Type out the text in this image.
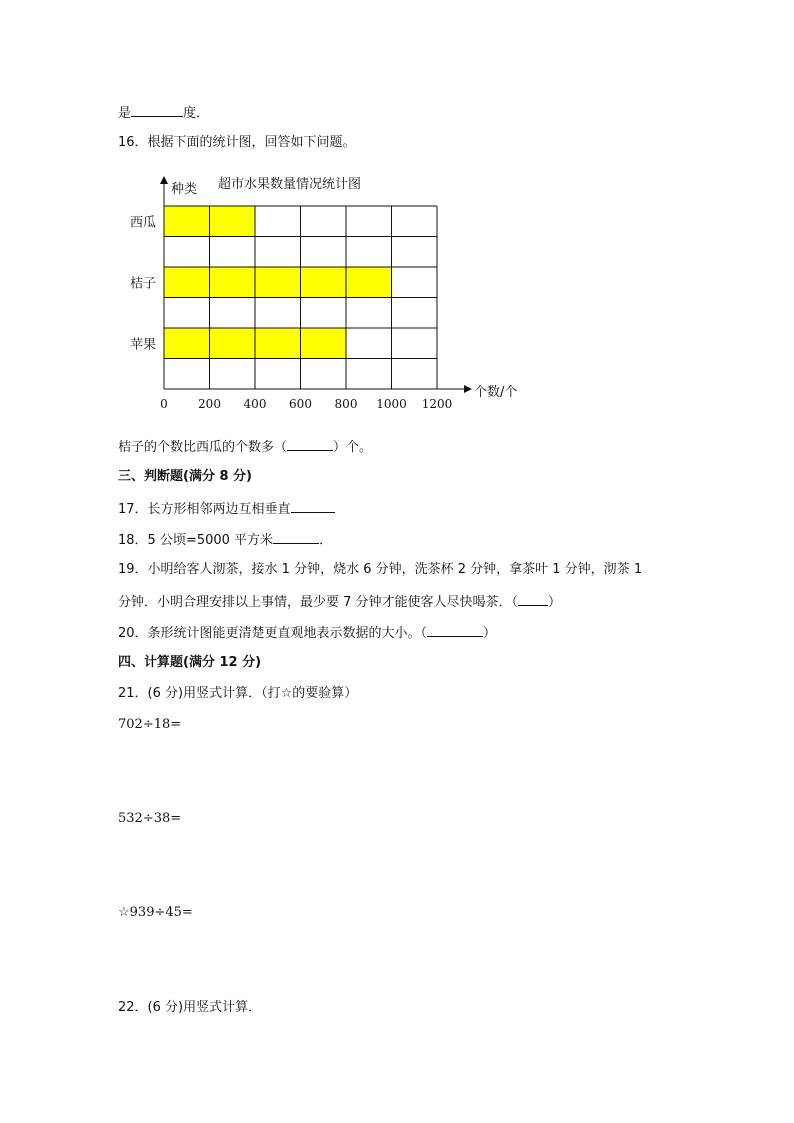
是	度．
16．根据下面的统计图，回答如下问题。
西瓜
桔子
苹果
0	200 400 600 800 1000 1200
超市水果数量情况统计图
种类
个数/个
桔子的个数比西瓜的个数多（	）个。
三、判断题(满分 8 分)
17．长方形相邻两边互相垂直
18．5 公顷=5000 平方米	．
19．小明给客人沏茶，接水 1 分钟，烧水 6 分钟，洗茶杯 2 分钟，拿茶叶 1 分钟，沏茶 1
分钟．小明合理安排以上事情，最少要 7 分钟才能使客人尽快喝茶．（ ）
20．条形统计图能更清楚更直观地表示数据的大小。（	）
四、计算题(满分 12 分)
21．(6 分)用竖式计算．（打☆的要验算）
702÷18=
532÷38=
☆939÷45=
22．(6 分)用竖式计算．
